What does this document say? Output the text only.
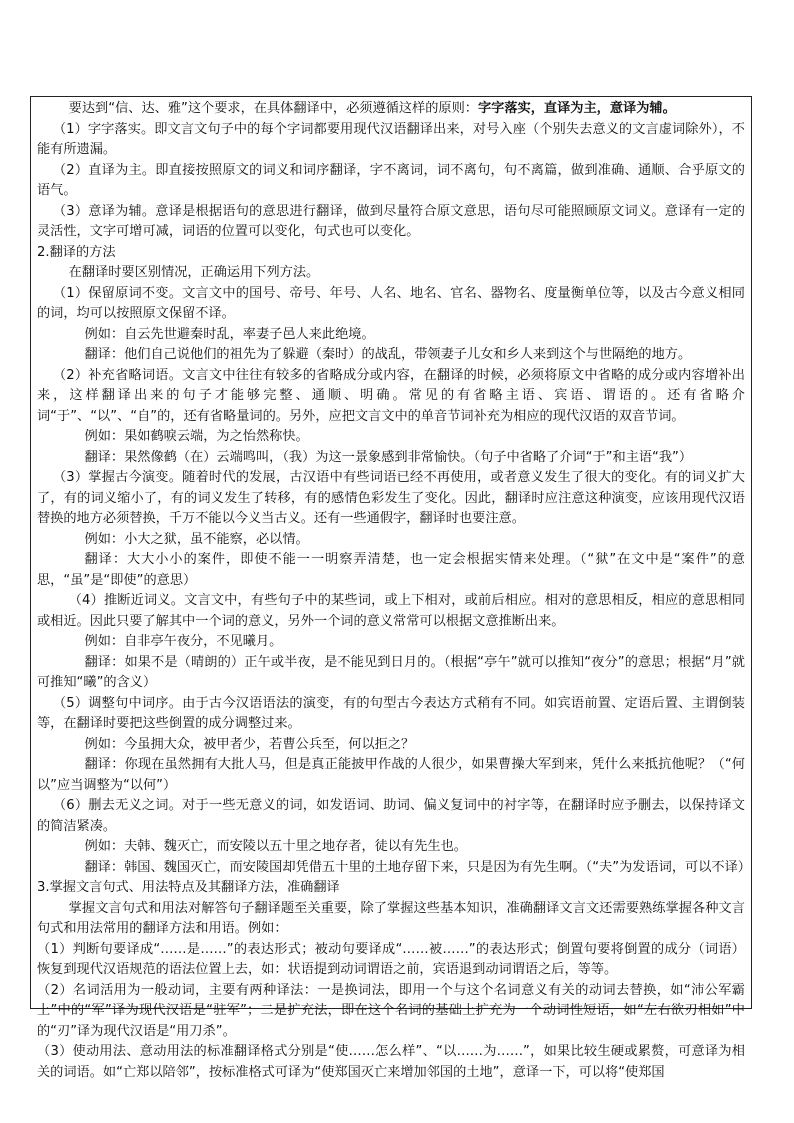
要达到“信、达、雅”这个要求，在具体翻译中，必须遵循这样的原则：字字落实，直译为主，意译为辅。

（1）字字落实。即文言文句子中的每个字词都要用现代汉语翻译出来，对号入座（个别失去意义的文言虚词除外），不能有所遗漏。

（2）直译为主。即直接按照原文的词义和词序翻译，字不离词，词不离句，句不离篇，做到准确、通顺、合乎原文的语气。

（3）意译为辅。意译是根据语句的意思进行翻译，做到尽量符合原文意思，语句尽可能照顾原文词义。意译有一定的灵活性，文字可增可减，词语的位置可以变化，句式也可以变化。

2.翻译的方法

在翻译时要区别情况，正确运用下列方法。

（1）保留原词不变。文言文中的国号、帝号、年号、人名、地名、官名、器物名、度量衡单位等，以及古今意义相同的词，均可以按照原文保留不译。

例如：自云先世避秦时乱，率妻子邑人来此绝境。

翻译：他们自己说他们的祖先为了躲避（秦时）的战乱，带领妻子儿女和乡人来到这个与世隔绝的地方。

（2）补充省略词语。文言文中往往有较多的省略成分或内容，在翻译的时候，必须将原文中省略的成分或内容增补出来，这样翻译出来的句子才能够完整、通顺、明确。常见的有省略主语、宾语、谓语的。还有省略介词“于”、“以”、“自”的，还有省略量词的。另外，应把文言文中的单音节词补充为相应的现代汉语的双音节词。

例如：果如鹤唳云端，为之怡然称快。

翻译：果然像鹤（在）云端鸣叫，（我）为这一景象感到非常愉快。（句子中省略了介词“于”和主语“我”）

（3）掌握古今演变。随着时代的发展，古汉语中有些词语已经不再使用，或者意义发生了很大的变化。有的词义扩大了，有的词义缩小了，有的词义发生了转移，有的感情色彩发生了变化。因此，翻译时应注意这种演变，应该用现代汉语替换的地方必须替换，千万不能以今义当古义。还有一些通假字，翻译时也要注意。

例如：小大之狱，虽不能察，必以情。

翻译：大大小小的案件，即使不能一一明察弄清楚，也一定会根据实情来处理。（“狱”在文中是“案件”的意思，“虽”是“即使”的意思）

（4）推断近词义。文言文中，有些句子中的某些词，或上下相对，或前后相应。相对的意思相反，相应的意思相同或相近。因此只要了解其中一个词的意义，另外一个词的意义常常可以根据文意推断出来。

例如：自非亭午夜分，不见曦月。

翻译：如果不是（晴朗的）正午或半夜，是不能见到日月的。（根据“亭午”就可以推知“夜分”的意思；根据“月”就可推知“曦”的含义）

（5）调整句中词序。由于古今汉语语法的演变，有的句型古今表达方式稍有不同。如宾语前置、定语后置、主谓倒装等，在翻译时要把这些倒置的成分调整过来。

例如：今虽拥大众，被甲者少，若曹公兵至，何以拒之？

翻译：你现在虽然拥有大批人马，但是真正能披甲作战的人很少，如果曹操大军到来，凭什么来抵抗他呢？（“何以”应当调整为“以何”）

（6）删去无义之词。对于一些无意义的词，如发语词、助词、偏义复词中的衬字等，在翻译时应予删去，以保持译文的简洁紧凑。

例如：夫韩、魏灭亡，而安陵以五十里之地存者，徒以有先生也。

翻译：韩国、魏国灭亡，而安陵国却凭借五十里的土地存留下来，只是因为有先生啊。（“夫”为发语词，可以不译）

3.掌握文言句式、用法特点及其翻译方法，准确翻译

掌握文言句式和用法对解答句子翻译题至关重要，除了掌握这些基本知识，准确翻译文言文还需要熟练掌握各种文言句式和用法常用的翻译方法和用语。例如：

（1）判断句要译成“……是……”的表达形式；被动句要译成“……被……”的表达形式；倒置句要将倒置的成分（词语）恢复到现代汉语规范的语法位置上去，如：状语提到动词谓语之前，宾语退到动词谓语之后，等等。

（2）名词活用为一般动词，主要有两种译法：一是换词法，即用一个与这个名词意义有关的动词去替换，如“沛公军霸上”中的“军”译为现代汉语是“驻军”；二是扩充法，即在这个名词的基础上扩充为一个动词性短语，如“左右欲刃相如”中的“刃”译为现代汉语是“用刀杀”。

（3）使动用法、意动用法的标准翻译格式分别是“使……怎么样”、“以……为……”，如果比较生硬或累赘，可意译为相关的词语。如“亡郑以陪邻”，按标准格式可译为“使郑国灭亡来增加邻国的土地”，意译一下，可以将“使郑国
